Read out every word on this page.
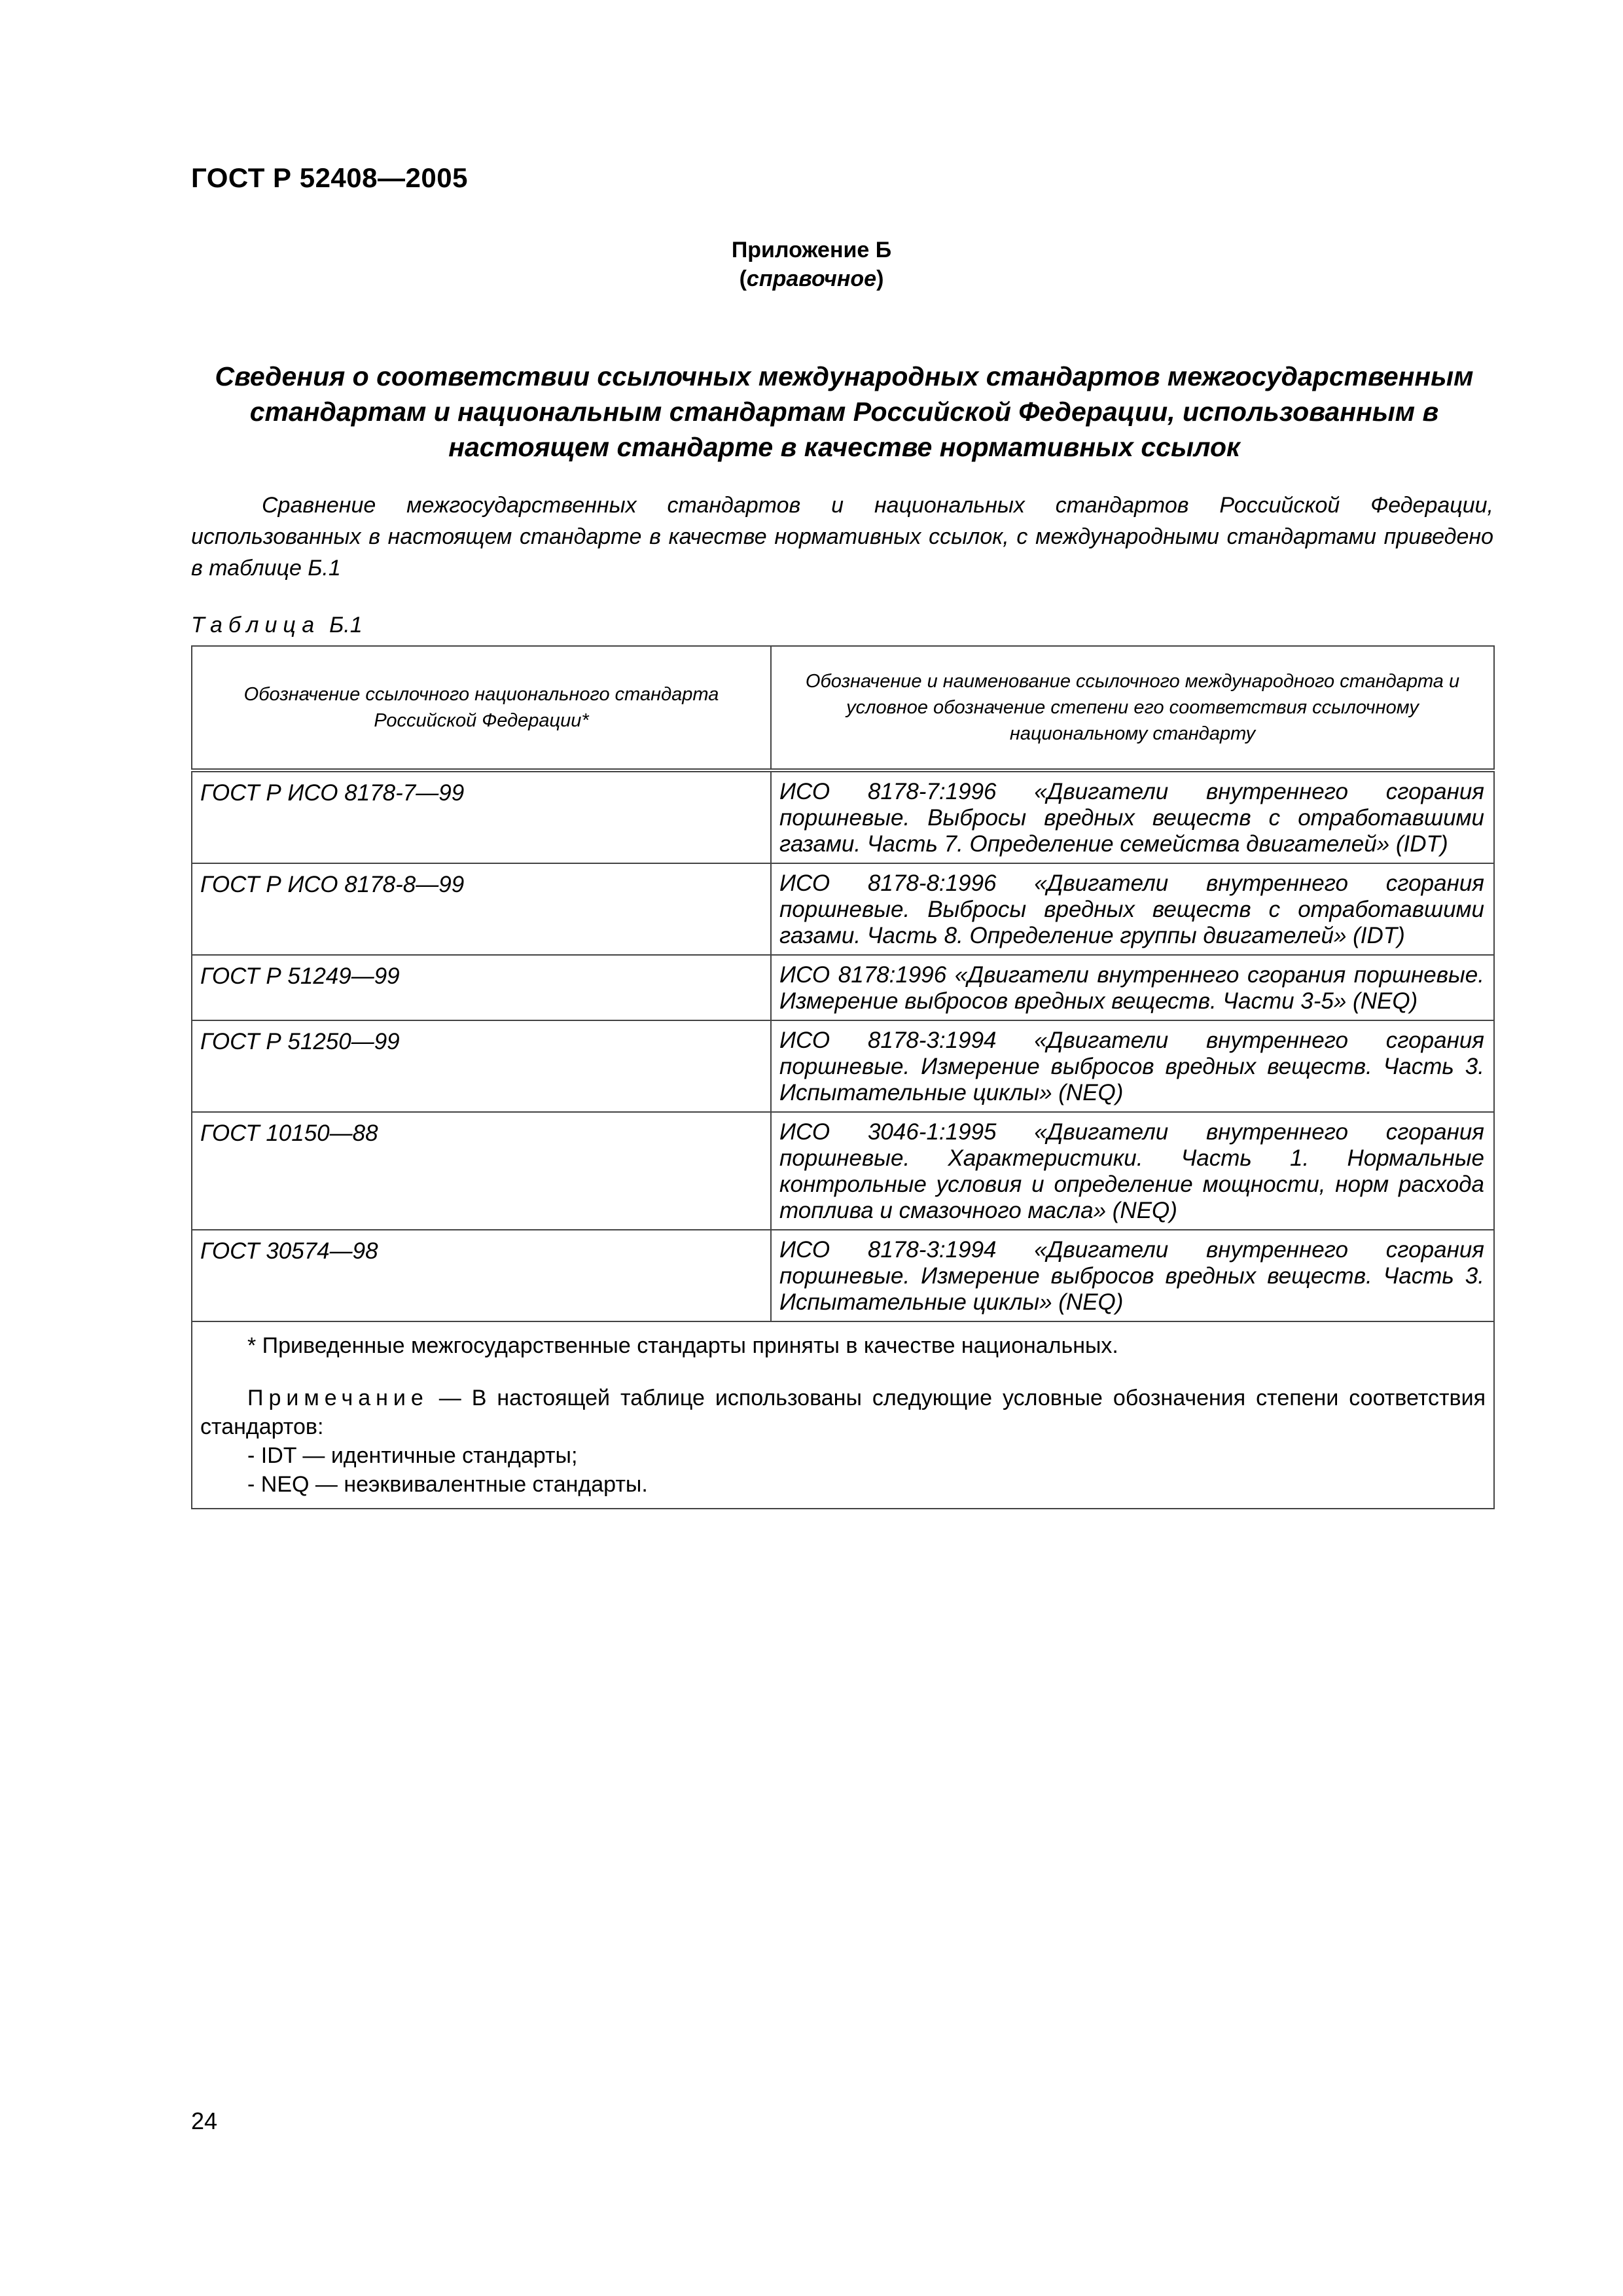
ГОСТ Р 52408—2005
Приложение Б
(справочное)
Сведения о соответствии ссылочных международных стандартов межгосударственным стандартам и национальным стандартам Российской Федерации, использованным в настоящем стандарте в качестве нормативных ссылок
Сравнение межгосударственных стандартов и национальных стандартов Российской Федерации, использованных в настоящем стандарте в качестве нормативных ссылок, с международными стандартами приведено в таблице Б.1
Таблица Б.1
Обозначение ссылочного национального стандарта Российской Федерации*	Обозначение и наименование ссылочного международного стандарта и условное обозначение степени его соответствия ссылочному национальному стандарту
ГОСТ Р ИСО 8178-7—99	ИСО 8178-7:1996 «Двигатели внутреннего сгорания поршневые. Выбросы вредных веществ с отработавшими газами. Часть 7. Определение семейства двигателей» (IDT)
ГОСТ Р ИСО 8178-8—99	ИСО 8178-8:1996 «Двигатели внутреннего сгорания поршневые. Выбросы вредных веществ с отработавшими газами. Часть 8. Определение группы двигателей» (IDT)
ГОСТ Р 51249—99	ИСО 8178:1996 «Двигатели внутреннего сгорания поршневые. Измерение выбросов вредных веществ. Части 3-5» (NEQ)
ГОСТ Р 51250—99	ИСО 8178-3:1994 «Двигатели внутреннего сгорания поршневые. Измерение выбросов вредных веществ. Часть 3. Испытательные циклы» (NEQ)
ГОСТ 10150—88	ИСО 3046-1:1995 «Двигатели внутреннего сгорания поршневые. Характеристики. Часть 1. Нормальные контрольные условия и определение мощности, норм расхода топлива и смазочного масла» (NEQ)
ГОСТ 30574—98	ИСО 8178-3:1994 «Двигатели внутреннего сгорания поршневые. Измерение выбросов вредных веществ. Часть 3. Испытательные циклы» (NEQ)

* Приведенные межгосударственные стандарты приняты в качестве национальных.
Примечание — В настоящей таблице использованы следующие условные обозначения степени соответствия стандартов:
- IDT — идентичные стандарты;
- NEQ — неэквивалентные стандарты.	
24
